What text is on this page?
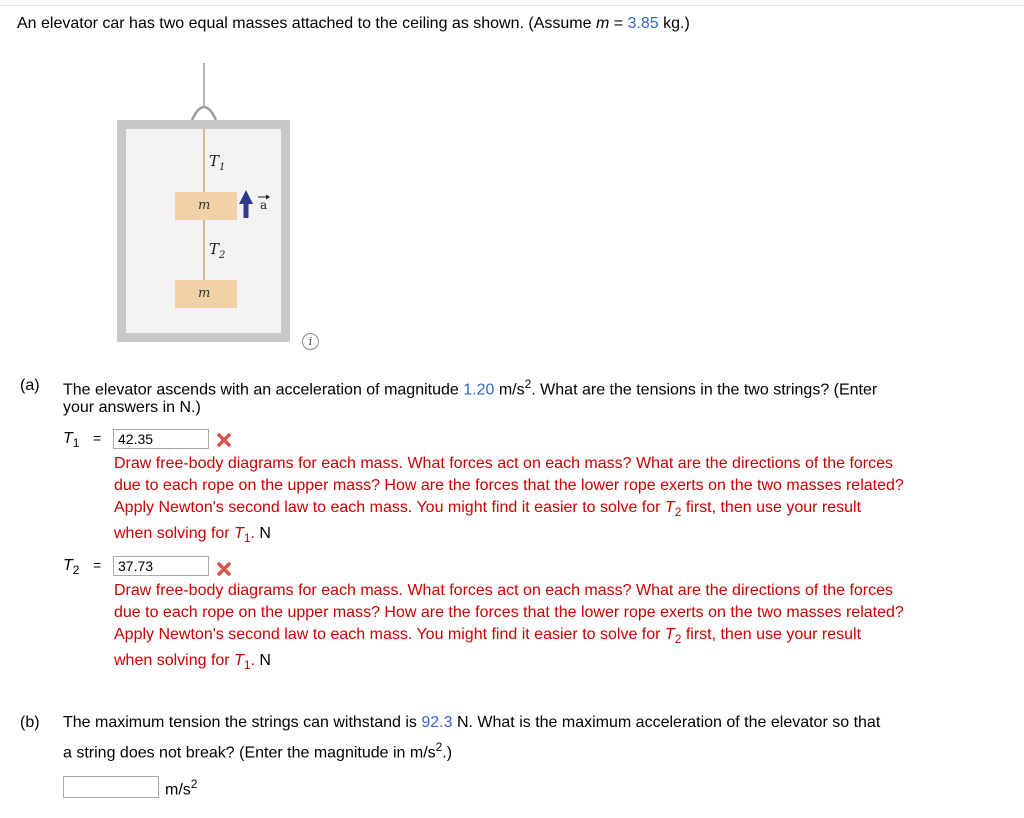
An elevator car has two equal masses attached to the ceiling as shown. (Assume m = 3.85 kg.)
$T_1$
$T_2$
m
m
a
i
(a) The elevator ascends with an acceleration of magnitude 1.20 $m/s^2$. What are the tensions in the two strings? (Enter
your answers in N.)
$T_1$ =	42.35
Draw free-body diagrams for each mass. What forces act on each mass? What are the directions of the forces
due to each rope on the upper mass? How are the forces that the lower rope exerts on the two masses related?
Apply Newton's second law to each mass. You might find it easier to solve for $T_2$ first, then use your result
when solving for $T_1$. N
$T_2$ =	37.73
Draw free-body diagrams for each mass. What forces act on each mass? What are the directions of the forces
due to each rope on the upper mass? How are the forces that the lower rope exerts on the two masses related?
Apply Newton's second law to each mass. You might find it easier to solve for $T_2$ first, then use your result
when solving for $T_1$. N
(b) The maximum tension the strings can withstand is 92.3 N. What is the maximum acceleration of the elevator so that
a string does not break? (Enter the magnitude in $m/s^2$.)
$m/s^2$
